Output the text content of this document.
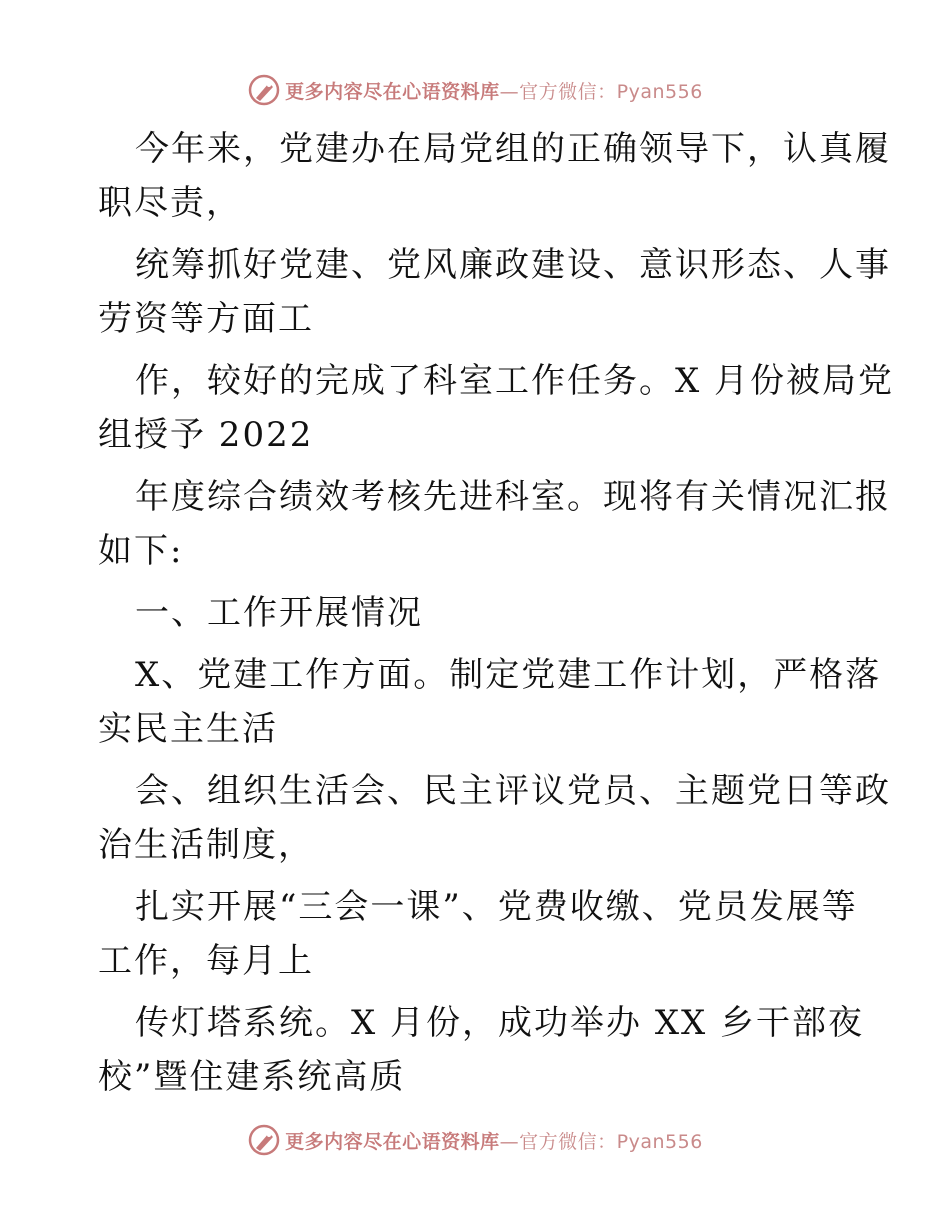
更多内容尽在心语资料库—官方微信：Pyan556
今年来，党建办在局党组的正确领导下，认真履
职尽责，
统筹抓好党建、党风廉政建设、意识形态、人事
劳资等方面工
作，较好的完成了科室工作任务。X 月份被局党
组授予 2022
年度综合绩效考核先进科室。现将有关情况汇报
如下:
一、工作开展情况
X、党建工作方面。制定党建工作计划，严格落
实民主生活
会、组织生活会、民主评议党员、主题党日等政
治生活制度，
扎实开展“三会一课”、党费收缴、党员发展等
工作，每月上
传灯塔系统。X 月份，成功举办 XX 乡干部夜
校”暨住建系统高质
更多内容尽在心语资料库—官方微信：Pyan556
